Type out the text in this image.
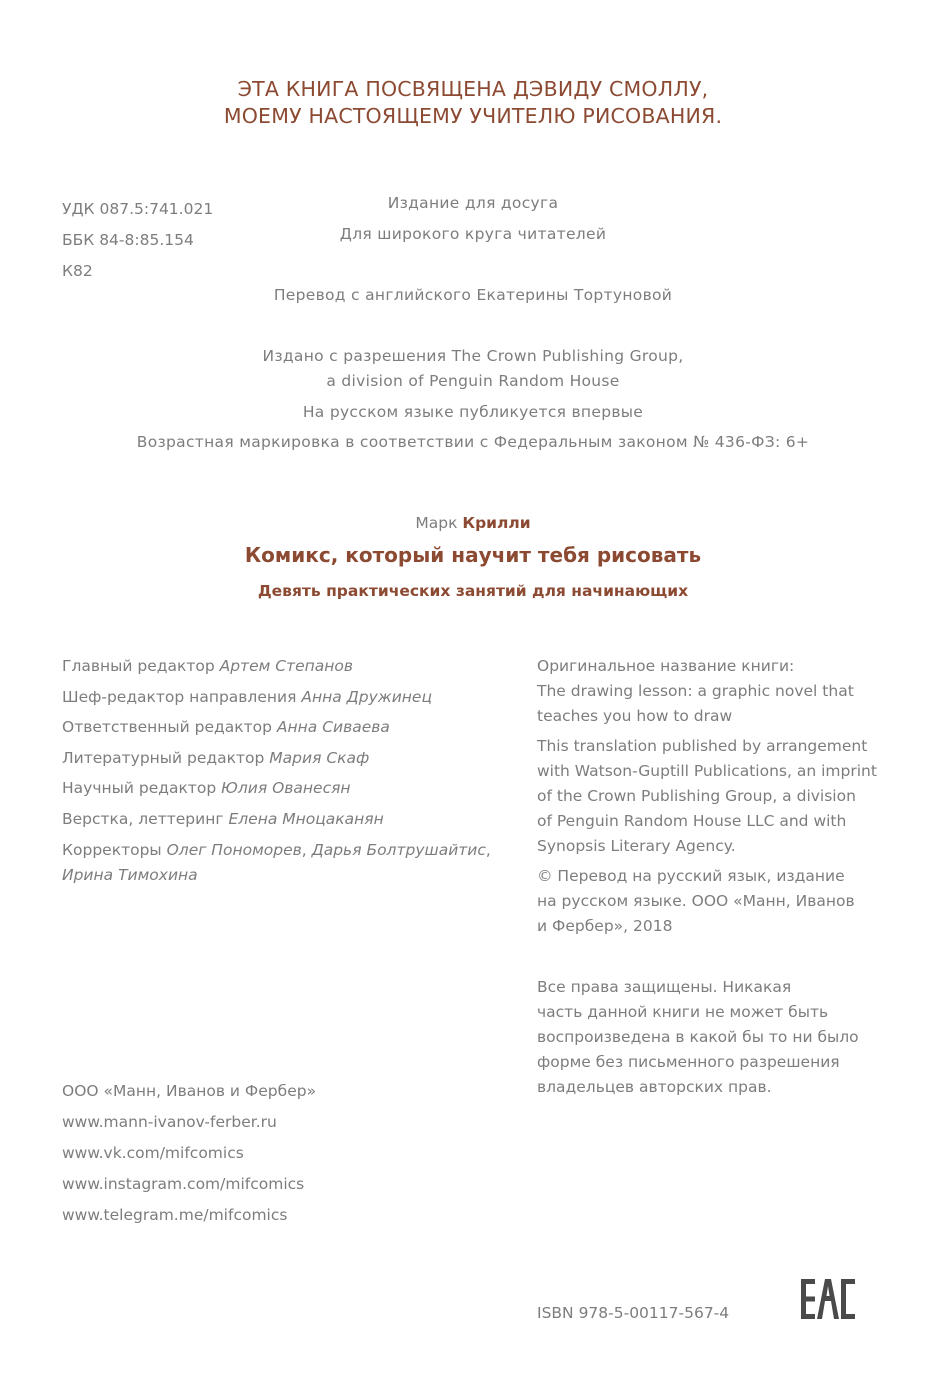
ЭТА КНИГА ПОСВЯЩЕНА ДЭВИДУ СМОЛЛУ,
МОЕМУ НАСТОЯЩЕМУ УЧИТЕЛЮ РИСОВАНИЯ.
УДК 087.5:741.021
ББК 84-8:85.154
К82
Издание для досуга
Для широкого круга читателей
Перевод с английского Екатерины Тортуновой
Издано с разрешения The Crown Publishing Group,
a division of Penguin Random House
На русском языке публикуется впервые
Возрастная маркировка в соответствии с Федеральным законом № 436-ФЗ: 6+
Марк Крилли
Комикс, который научит тебя рисовать
Девять практических занятий для начинающих
Главный редактор Артем Степанов
Шеф-редактор направления Анна Дружинец
Ответственный редактор Анна Сиваева
Литературный редактор Мария Скаф
Научный редактор Юлия Ованесян
Верстка, леттеринг Елена Мноцаканян
Корректоры Олег Пономорев, Дарья Болтрушайтис,
Ирина Тимохина
Оригинальное название книги:
The drawing lesson: a graphic novel that
teaches you how to draw
This translation published by arrangement
with Watson-Guptill Publications, an imprint
of the Crown Publishing Group, a division
of Penguin Random House LLC and with
Synopsis Literary Agency.
© Перевод на русский язык, издание
на русском языке. ООО «Манн, Иванов
и Фербер», 2018
Все права защищены. Никакая
часть данной книги не может быть
воспроизведена в какой бы то ни было
форме без письменного разрешения
владельцев авторских прав.
ООО «Манн, Иванов и Фербер»
www.mann-ivanov-ferber.ru
www.vk.com/mifcomics
www.instagram.com/mifcomics
www.telegram.me/mifcomics
ISBN 978-5-00117-567-4
